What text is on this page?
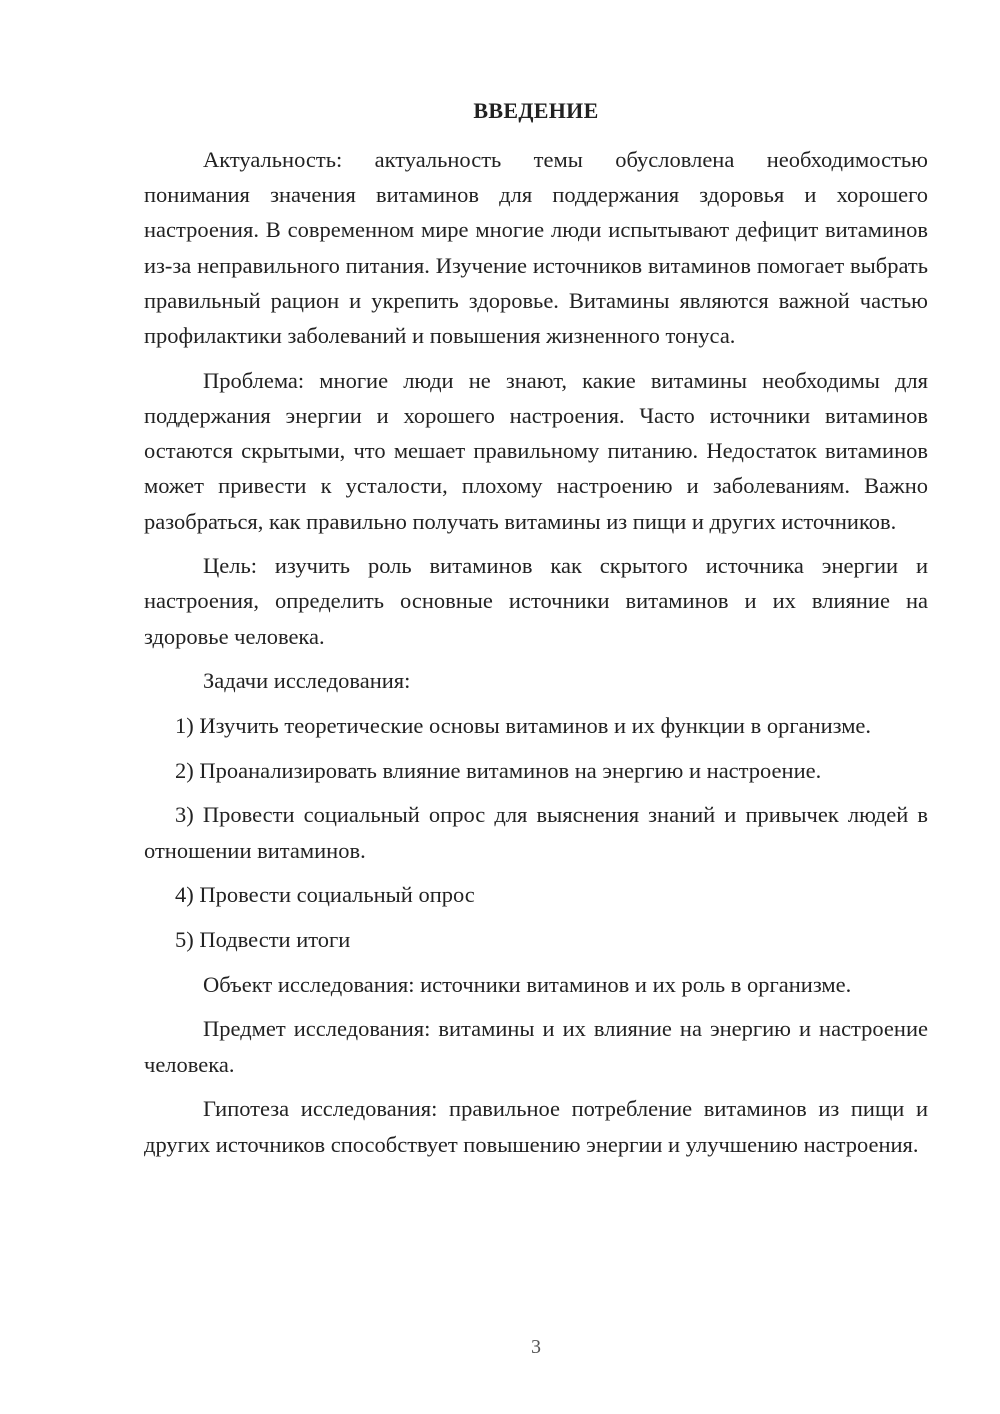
ВВЕДЕНИЕ

Актуальность: актуальность темы обусловлена необходимостью понимания значения витаминов для поддержания здоровья и хорошего настроения. В современном мире многие люди испытывают дефицит витаминов из-за неправильного питания. Изучение источников витаминов помогает выбрать правильный рацион и укрепить здоровье. Витамины являются важной частью профилактики заболеваний и повышения жизненного тонуса.

Проблема: многие люди не знают, какие витамины необходимы для поддержания энергии и хорошего настроения. Часто источники витаминов остаются скрытыми, что мешает правильному питанию. Недостаток витаминов может привести к усталости, плохому настроению и заболеваниям. Важно разобраться, как правильно получать витамины из пищи и других источников.

Цель: изучить роль витаминов как скрытого источника энергии и настроения, определить основные источники витаминов и их влияние на здоровье человека.

Задачи исследования:

1) Изучить теоретические основы витаминов и их функции в организме.

2) Проанализировать влияние витаминов на энергию и настроение.

3) Провести социальный опрос для выяснения знаний и привычек людей в отношении витаминов.

4) Провести социальный опрос

5) Подвести итоги

Объект исследования: источники витаминов и их роль в организме.

Предмет исследования: витамины и их влияние на энергию и настроение человека.

Гипотеза исследования: правильное потребление витаминов из пищи и других источников способствует повышению энергии и улучшению настроения.

3
